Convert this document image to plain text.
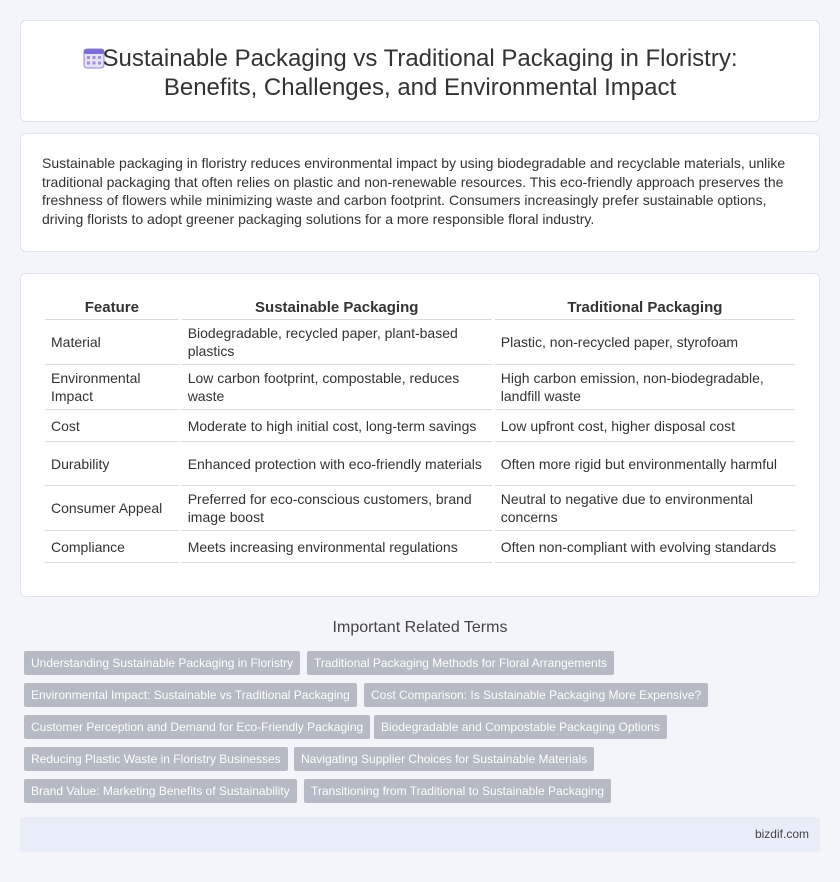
Sustainable Packaging vs Traditional Packaging in Floristry:
Benefits, Challenges, and Environmental Impact

Sustainable packaging in floristry reduces environmental impact by using biodegradable and recyclable materials, unlike traditional packaging that often relies on plastic and non-renewable resources. This eco-friendly approach preserves the freshness of flowers while minimizing waste and carbon footprint. Consumers increasingly prefer sustainable options, driving florists to adopt greener packaging solutions for a more responsible floral industry.

Feature	Sustainable Packaging	Traditional Packaging
Material	Biodegradable, recycled paper, plant-based plastics	Plastic, non-recycled paper, styrofoam
Environmental Impact	Low carbon footprint, compostable, reduces waste	High carbon emission, non-biodegradable, landfill waste
Cost	Moderate to high initial cost, long-term savings	Low upfront cost, higher disposal cost
Durability	Enhanced protection with eco-friendly materials	Often more rigid but environmentally harmful
Consumer Appeal	Preferred for eco-conscious customers, brand image boost	Neutral to negative due to environmental concerns
Compliance	Meets increasing environmental regulations	Often non-compliant with evolving standards
Important Related Terms
Understanding Sustainable Packaging in Floristry	Traditional Packaging Methods for Floral Arrangements
Environmental Impact: Sustainable vs Traditional Packaging	Cost Comparison: Is Sustainable Packaging More Expensive?
Customer Perception and Demand for Eco-Friendly Packaging	Biodegradable and Compostable Packaging Options
Reducing Plastic Waste in Floristry Businesses	Navigating Supplier Choices for Sustainable Materials
Brand Value: Marketing Benefits of Sustainability	Transitioning from Traditional to Sustainable Packaging
bizdif.com
